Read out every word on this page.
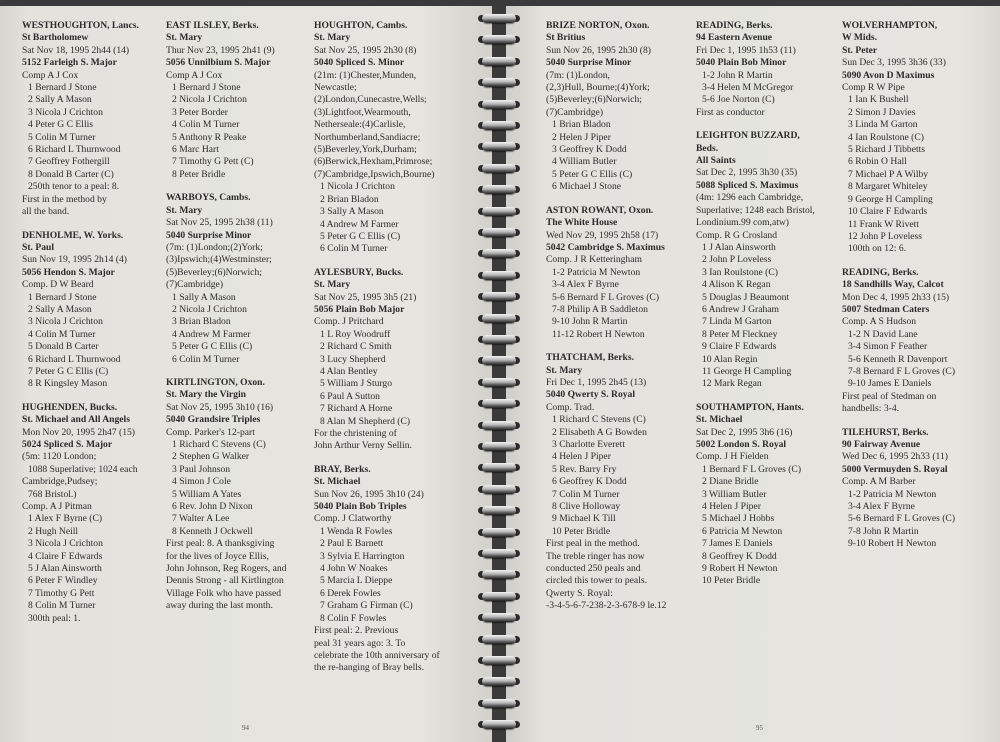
WESTHOUGHTON, Lancs.
St Bartholomew
Sat Nov 18, 1995 2h44 (14)
5152 Farleigh S. Major
Comp A J Cox
1 Bernard J Stone
2 Sally A Mason
3 Nicola J Crichton
4 Peter G C Ellis
5 Colin M Turner
6 Richard L Thurnwood
7 Geoffrey Fothergill
8 Donald B Carter (C)
250th tenor to a peal: 8.
First in the method by
all the band.
DENHOLME, W. Yorks.
St. Paul
Sun Nov 19, 1995 2h14 (4)
5056 Hendon S. Major
Comp. D W Beard
1 Bernard J Stone
2 Sally A Mason
3 Nicola J Crichton
4 Colin M Turner
5 Donald B Carter
6 Richard L Thurnwood
7 Peter G C Ellis (C)
8 R Kingsley Mason
HUGHENDEN, Bucks.
St. Michael and All Angels
Mon Nov 20, 1995 2h47 (15)
5024 Spliced S. Major
(5m: 1120 London;
1088 Superlative; 1024 each
Cambridge,Pudsey;
768 Bristol.)
Comp. A J Pitman
1 Alex F Byrne (C)
2 Hugh Neill
3 Nicola J Crichton
4 Claire F Edwards
5 J Alan Ainsworth
6 Peter F Windley
7 Timothy G Pett
8 Colin M Turner
300th peal: 1.
EAST ILSLEY, Berks.
St. Mary
Thur Nov 23, 1995 2h41 (9)
5056 Unnilbium S. Major
Comp A J Cox
1 Bernard J Stone
2 Nicola J Crichton
3 Peter Border
4 Colin M Turner
5 Anthony R Peake
6 Marc Hart
7 Timothy G Pett (C)
8 Peter Bridle
WARBOYS, Cambs.
St. Mary
Sat Nov 25, 1995 2h38 (11)
5040 Surprise Minor
(7m: (1)London;(2)York;
(3)Ipswich;(4)Westminster;
(5)Beverley;(6)Norwich;
(7)Cambridge)
1 Sally A Mason
2 Nicola J Crichton
3 Brian Bladon
4 Andrew M Farmer
5 Peter G C Ellis (C)
6 Colin M Turner
KIRTLINGTON, Oxon.
St. Mary the Virgin
Sat Nov 25, 1995 3h10 (16)
5040 Grandsire Triples
Comp. Parker's 12-part
1 Richard C Stevens (C)
2 Stephen G Walker
3 Paul Johnson
4 Simon J Cole
5 William A Yates
6 Rev. John D Nixon
7 Walter A Lee
8 Kenneth J Ockwell
First peal: 8. A thanksgiving
for the lives of Joyce Ellis,
John Johnson, Reg Rogers, and
Dennis Strong - all Kirtlington
Village Folk who have passed
away during the last month.
HOUGHTON, Cambs.
St. Mary
Sat Nov 25, 1995 2h30 (8)
5040 Spliced S. Minor
(21m: (1)Chester,Munden,
Newcastle;
(2)London,Cunecastre,Wells;
(3)Lightfoot,Wearmouth,
Netherseale:(4)Carlisle,
Northumberland,Sandiacre;
(5)Beverley,York,Durham;
(6)Berwick,Hexham,Primrose;
(7)Cambridge,Ipswich,Bourne)
1 Nicola J Crichton
2 Brian Bladon
3 Sally A Mason
4 Andrew M Farmer
5 Peter G C Ellis (C)
6 Colin M Turner
AYLESBURY, Bucks.
St. Mary
Sat Nov 25, 1995 3h5 (21)
5056 Plain Bob Major
Comp. J Pritchard
1 L Roy Woodruff
2 Richard C Smith
3 Lucy Shepherd
4 Alan Bentley
5 William J Sturgo
6 Paul A Sutton
7 Richard A Horne
8 Alan M Shepherd (C)
For the christening of
John Arthur Verny Sellin.
BRAY, Berks.
St. Michael
Sun Nov 26, 1995 3h10 (24)
5040 Plain Bob Triples
Comp. J Clatworthy
1 Wenda R Fowles
2 Paul E Barnett
3 Sylvia E Harrington
4 John W Noakes
5 Marcia L Dieppe
6 Derek Fowles
7 Graham G Firman (C)
8 Colin F Fowles
First peal: 2. Previous
peal 31 years ago: 3. To
celebrate the 10th anniversary of
the re-hanging of Bray bells.
94
BRIZE NORTON, Oxon.
St Britius
Sun Nov 26, 1995 2h30 (8)
5040 Surprise Minor
(7m: (1)London,
(2,3)Hull, Bourne;(4)York;
(5)Beverley;(6)Norwich;
(7)Cambridge)
1 Brian Bladon
2 Helen J Piper
3 Geoffrey K Dodd
4 William Butler
5 Peter G C Ellis (C)
6 Michael J Stone
ASTON ROWANT, Oxon.
The White House
Wed Nov 29, 1995 2h58 (17)
5042 Cambridge S. Maximus
Comp. J R Ketteringham
1-2 Patricia M Newton
3-4 Alex F Byrne
5-6 Bernard F L Groves (C)
7-8 Philip A B Saddleton
9-10 John R Martin
11-12 Robert H Newton
THATCHAM, Berks.
St. Mary
Fri Dec 1, 1995 2h45 (13)
5040 Qwerty S. Royal
Comp. Trad.
1 Richard C Stevens (C)
2 Elisabeth A G Bowden
3 Charlotte Everett
4 Helen J Piper
5 Rev. Barry Fry
6 Geoffrey K Dodd
7 Colin M Turner
8 Clive Holloway
9 Michael K Till
10 Peter Bridle
First peal in the method.
The treble ringer has now
conducted 250 peals and
circled this tower to peals.
Qwerty S. Royal:
-3-4-5-6-7-238-2-3-678-9 le.12
READING, Berks.
94 Eastern Avenue
Fri Dec 1, 1995 1h53 (11)
5040 Plain Bob Minor
1-2 John R Martin
3-4 Helen M McGregor
5-6 Joe Norton (C)
First as conductor
LEIGHTON BUZZARD,
Beds.
All Saints
Sat Dec 2, 1995 3h30 (35)
5088 Spliced S. Maximus
(4m: 1296 each Cambridge,
Superlative; 1248 each Bristol,
Londinium.99 com,atw)
Comp. R G Crosland
1 J Alan Ainsworth
2 John P Loveless
3 Ian Roulstone (C)
4 Alison K Regan
5 Douglas J Beaumont
6 Andrew J Graham
7 Linda M Garton
8 Peter M Fleckney
9 Claire F Edwards
10 Alan Regin
11 George H Campling
12 Mark Regan
SOUTHAMPTON, Hants.
St. Michael
Sat Dec 2, 1995 3h6 (16)
5002 London S. Royal
Comp. J H Fielden
1 Bernard F L Groves (C)
2 Diane Bridle
3 William Butler
4 Helen J Piper
5 Michael J Hobbs
6 Patricia M Newton
7 James E Daniels
8 Geoffrey K Dodd
9 Robert H Newton
10 Peter Bridle
WOLVERHAMPTON,
W Mids.
St. Peter
Sun Dec 3, 1995 3h36 (33)
5090 Avon D Maximus
Comp R W Pipe
1 Ian K Bushell
2 Simon J Davies
3 Linda M Garton
4 Ian Roulstone (C)
5 Richard J Tibbetts
6 Robin O Hall
7 Michael P A Wilby
8 Margaret Whiteley
9 George H Campling
10 Claire F Edwards
11 Frank W Rivett
12 John P Loveless
100th on 12: 6.
READING, Berks.
18 Sandhills Way, Calcot
Mon Dec 4, 1995 2h33 (15)
5007 Stedman Caters
Comp. A S Hudson
1-2 N David Lane
3-4 Simon F Feather
5-6 Kenneth R Davenport
7-8 Bernard F L Groves (C)
9-10 James E Daniels
First peal of Stedman on
handbells: 3-4.
TILEHURST, Berks.
90 Fairway Avenue
Wed Dec 6, 1995 2h33 (11)
5000 Vermuyden S. Royal
Comp. A M Barber
1-2 Patricia M Newton
3-4 Alex F Byrne
5-6 Bernard F L Groves (C)
7-8 John R Martin
9-10 Robert H Newton
95
